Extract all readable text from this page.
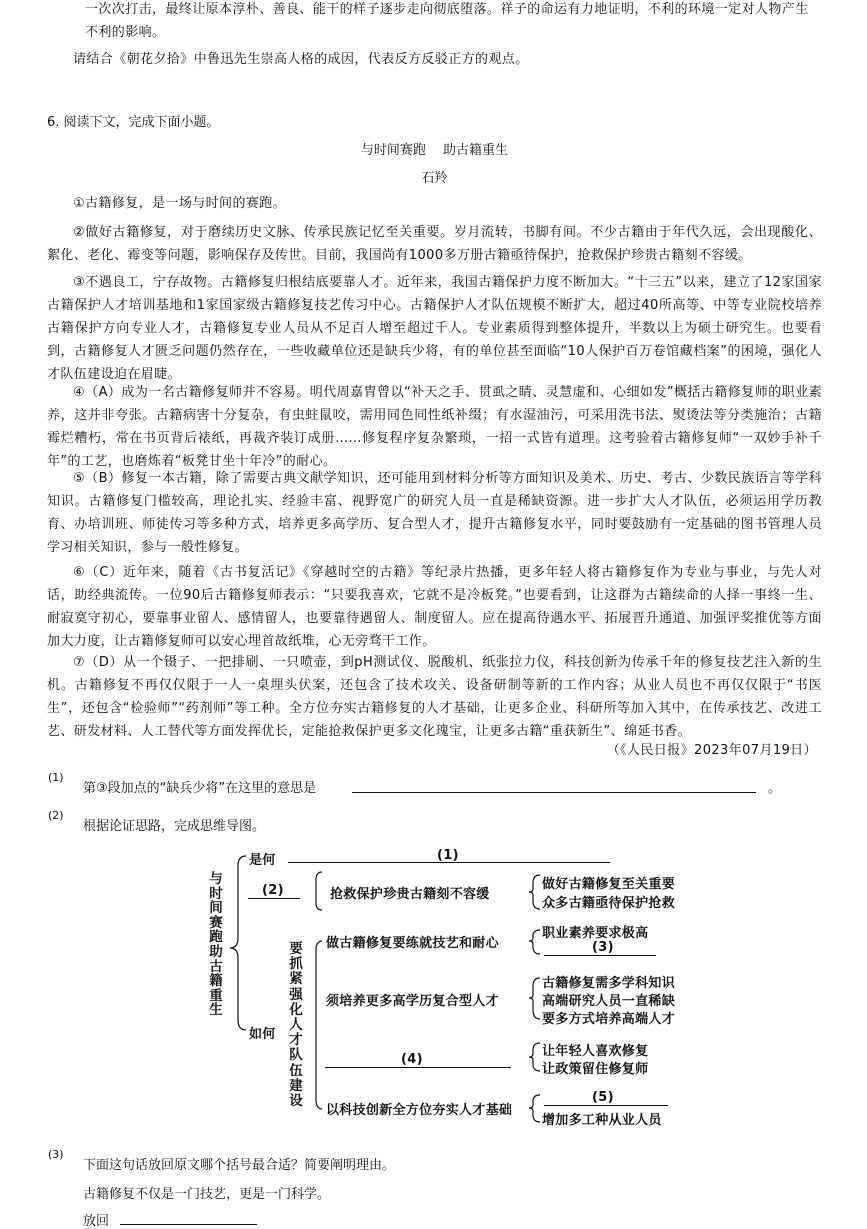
一次次打击，最终让原本淳朴、善良、能干的样子逐步走向彻底堕落。祥子的命运有力地证明，不利的环境一定对人物产生
不利的影响。
请结合《朝花夕拾》中鲁迅先生崇高人格的成因，代表反方反驳正方的观点。
6. 阅读下文，完成下面小题。
与时间赛跑　 助古籍重生
石羚
①古籍修复，是一场与时间的赛跑。
②做好古籍修复，对于磨续历史文脉、传承民族记忆至关重要。岁月流转，书脚有间。不少古籍由于年代久远，会出现酸化、絮化、老化、霉变等问题，影响保存及传世。目前，我国尚有1000多万册古籍亟待保护，抢救保护珍贵古籍刻不容缓。
③不遇良工，宁存故物。古籍修复归根结底要靠人才。近年来，我国古籍保护力度不断加大。“十三五”以来，建立了12家国家古籍保护人才培训基地和1家国家级古籍修复技艺传习中心。古籍保护人才队伍规模不断扩大，超过40所高等、中等专业院校培养古籍保护方向专业人才，古籍修复专业人员从不足百人增至超过千人。专业素质得到整体提升，半数以上为硕士研究生。也要看到，古籍修复人才匮乏问题仍然存在，一些收藏单位还是缺兵少将，有的单位甚至面临“10人保护百万卷馆藏档案”的困境，强化人才队伍建设迫在眉睫。
④（A）成为一名古籍修复师并不容易。明代周嘉胄曾以“补天之手、贯虱之睛、灵慧虚和、心细如发”概括古籍修复师的职业素养，这并非夸张。古籍病害十分复杂，有虫蛀鼠咬，需用同色同性纸补缀；有水湿油污，可采用洗书法、熨烫法等分类施治；古籍霉烂糟朽，常在书页背后裱纸，再裁齐装订成册……修复程序复杂繁琐，一招一式皆有道理。这考验着古籍修复师“一双妙手补千年”的工艺，也磨炼着“板凳甘坐十年冷”的耐心。
⑤（B）修复一本古籍，除了需要古典文献学知识，还可能用到材料分析等方面知识及美术、历史、考古、少数民族语言等学科知识。古籍修复门槛较高，理论扎实、经验丰富、视野宽广的研究人员一直是稀缺资源。进一步扩大人才队伍，必须运用学历教育、办培训班、师徒传习等多种方式，培养更多高学历、复合型人才，提升古籍修复水平，同时要鼓励有一定基础的图书管理人员学习相关知识，参与一般性修复。
⑥（C）近年来，随着《古书复活记》《穿越时空的古籍》等纪录片热播，更多年轻人将古籍修复作为专业与事业，与先人对话，助经典流传。一位90后古籍修复师表示：“只要我喜欢，它就不是冷板凳。”也要看到，让这群为古籍续命的人择一事终一生、耐寂寞守初心，要靠事业留人、感情留人，也要靠待遇留人、制度留人。应在提高待遇水平、拓展晋升通道、加强评奖推优等方面加大力度，让古籍修复师可以安心埋首故纸堆，心无旁骛干工作。
⑦（D）从一个镊子、一把排刷、一只喷壶，到pH测试仪、脱酸机、纸张拉力仪，科技创新为传承千年的修复技艺注入新的生机。古籍修复不再仅仅限于一人一桌埋头伏案，还包含了技术攻关、设备研制等新的工作内容；从业人员也不再仅仅限于“书医生”，还包含“检验师”“药剂师”等工种。全方位夯实古籍修复的人才基础，让更多企业、科研所等加入其中，在传承技艺、改进工艺、研发材料、人工替代等方面发挥优长，定能抢救保护更多文化瑰宝，让更多古籍“重获新生”、绵延书香。
（《人民日报》2023年07月19日）
(1)
第③段加点的“缺兵少将”在这里的意思是	。
(2)
根据论证思路，完成思维导图。
与
时
间
赛
跑
助
古
籍
重
生
是何
如何
(1)
(2)	抢救保护珍贵古籍刻不容缓
做好古籍修复至关重要
众多古籍亟待保护抢救
要
抓
紧
强
化
人
才
队
伍
建
设
做古籍修复要练就技艺和耐心
职业素养要求极高
(3)
须培养更多高学历复合型人才
古籍修复需多学科知识
高端研究人员一直稀缺
要多方式培养高端人才
(4)
让年轻人喜欢修复
让政策留住修复师
以科技创新全方位夯实人才基础
(5)
增加多工种从业人员
(3)
下面这句话放回原文哪个括号最合适？简要阐明理由。
古籍修复不仅是一门技艺，更是一门科学。
放回
